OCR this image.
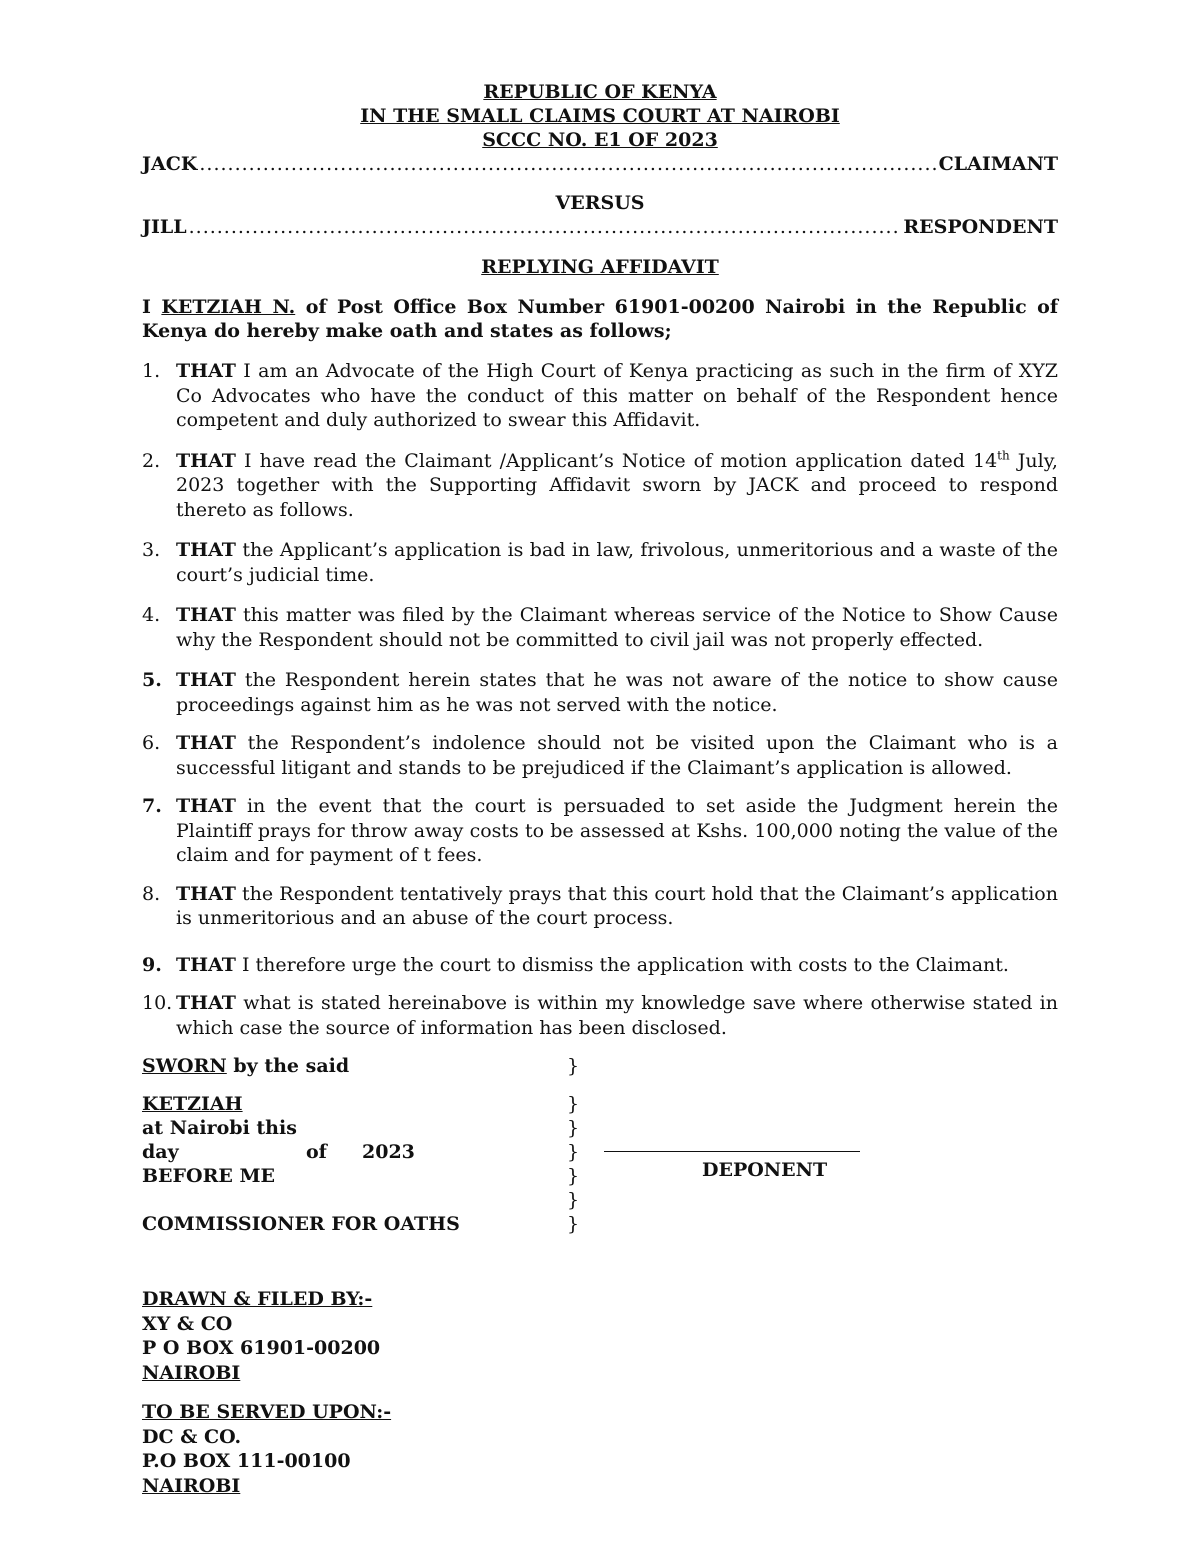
REPUBLIC OF KENYA
IN THE SMALL CLAIMS COURT AT NAIROBI
SCCC NO. E1 OF 2023
JACK .....	CLAIMANT
VERSUS
JILL .....	RESPONDENT
REPLYING AFFIDAVIT
I KETZIAH N. of Post Office Box Number 61901-00200 Nairobi in the Republic of Kenya do hereby make oath and states as follows;
1. THAT I am an Advocate of the High Court of Kenya practicing as such in the firm of XYZ Co Advocates who have the conduct of this matter on behalf of the Respondent hence competent and duly authorized to swear this Affidavit.
2. THAT I have read the Claimant /Applicant’s Notice of motion application dated 14th July, 2023 together with the Supporting Affidavit sworn by JACK and proceed to respond thereto as follows.
3. THAT the Applicant’s application is bad in law, frivolous, unmeritorious and a waste of the court’s judicial time.
4. THAT this matter was filed by the Claimant whereas service of the Notice to Show Cause why the Respondent should not be committed to civil jail was not properly effected.
5. THAT the Respondent herein states that he was not aware of the notice to show cause proceedings against him as he was not served with the notice.
6. THAT the Respondent’s indolence should not be visited upon the Claimant who is a successful litigant and stands to be prejudiced if the Claimant’s application is allowed.
7. THAT in the event that the court is persuaded to set aside the Judgment herein the Plaintiff prays for throw away costs to be assessed at Kshs. 100,000 noting the value of the claim and for payment of t fees.
8. THAT the Respondent tentatively prays that this court hold that the Claimant’s application is unmeritorious and an abuse of the court process.
9. THAT I therefore urge the court to dismiss the application with costs to the Claimant.
10. THAT what is stated hereinabove is within my knowledge save where otherwise stated in which case the source of information has been disclosed.
SWORN by the said	}
KETZIAH	}
at Nairobi this	}
day	of 2023	}
BEFORE ME	}
}
COMMISSIONER FOR OATHS	}
DEPONENT
DRAWN & FILED BY:-
XY & CO
P O BOX 61901-00200
NAIROBI
TO BE SERVED UPON:-
DC & CO.
P.O BOX 111-00100
NAIROBI
